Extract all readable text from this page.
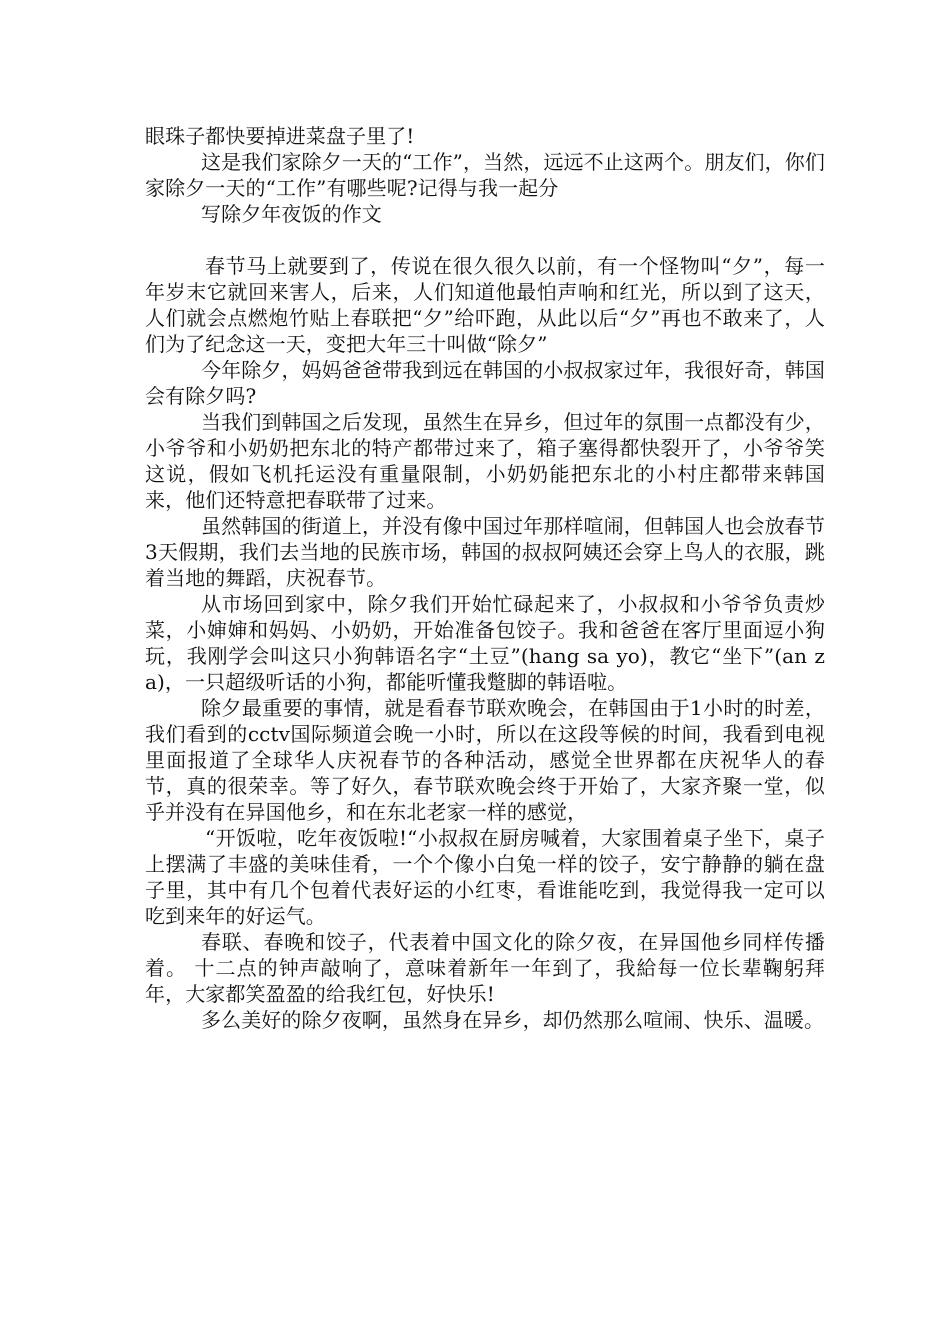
眼珠子都快要掉进菜盘子里了!

这是我们家除夕一天的“工作”，当然，远远不止这两个。朋友们，你们家除夕一天的“工作”有哪些呢?记得与我一起分

写除夕年夜饭的作文

春节马上就要到了，传说在很久很久以前，有一个怪物叫“夕”，每一年岁末它就回来害人，后来，人们知道他最怕声响和红光，所以到了这天，人们就会点燃炮竹贴上春联把“夕”给吓跑，从此以后“夕”再也不敢来了，人们为了纪念这一天，变把大年三十叫做“除夕”

今年除夕，妈妈爸爸带我到远在韩国的小叔叔家过年，我很好奇，韩国会有除夕吗?

当我们到韩国之后发现，虽然生在异乡，但过年的氛围一点都没有少，小爷爷和小奶奶把东北的特产都带过来了，箱子塞得都快裂开了，小爷爷笑这说，假如飞机托运没有重量限制，小奶奶能把东北的小村庄都带来韩国来，他们还特意把春联带了过来。

虽然韩国的街道上，并没有像中国过年那样喧闹，但韩国人也会放春节3天假期，我们去当地的民族市场，韩国的叔叔阿姨还会穿上鸟人的衣服，跳着当地的舞蹈，庆祝春节。

从市场回到家中，除夕我们开始忙碌起来了，小叔叔和小爷爷负责炒菜，小婶婶和妈妈、小奶奶，开始准备包饺子。我和爸爸在客厅里面逗小狗玩，我刚学会叫这只小狗韩语名字“土豆”(hang sa yo)，教它“坐下”(an za)，一只超级听话的小狗，都能听懂我蹩脚的韩语啦。

除夕最重要的事情，就是看春节联欢晚会，在韩国由于1小时的时差，我们看到的cctv国际频道会晚一小时，所以在这段等候的时间，我看到电视里面报道了全球华人庆祝春节的各种活动，感觉全世界都在庆祝华人的春节，真的很荣幸。等了好久，春节联欢晚会终于开始了，大家齐聚一堂，似乎并没有在异国他乡，和在东北老家一样的感觉，

“开饭啦，吃年夜饭啦!“小叔叔在厨房喊着，大家围着桌子坐下，桌子上摆满了丰盛的美味佳肴，一个个像小白兔一样的饺子，安宁静静的躺在盘子里，其中有几个包着代表好运的小红枣，看谁能吃到，我觉得我一定可以吃到来年的好运气。

春联、春晚和饺子，代表着中国文化的除夕夜，在异国他乡同样传播着。 十二点的钟声敲响了，意味着新年一年到了，我給每一位长辈鞠躬拜年，大家都笑盈盈的给我红包，好快乐!

多么美好的除夕夜啊，虽然身在异乡，却仍然那么喧闹、快乐、温暖。
